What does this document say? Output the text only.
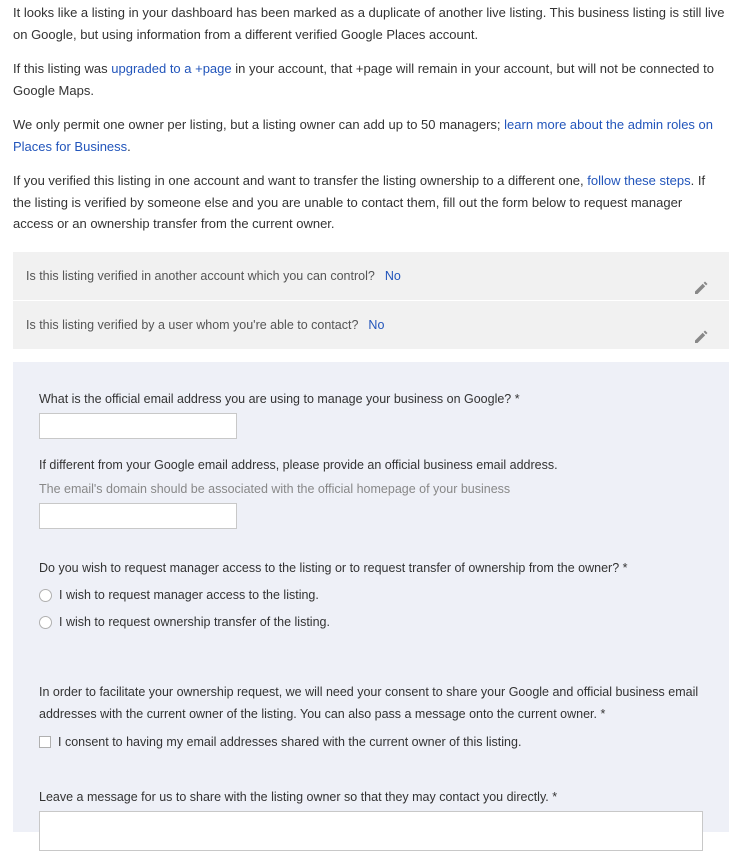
It looks like a listing in your dashboard has been marked as a duplicate of another live listing. This business listing is still live on Google, but using information from a different verified Google Places account.

If this listing was upgraded to a +page in your account, that +page will remain in your account, but will not be connected to Google Maps.

We only permit one owner per listing, but a listing owner can add up to 50 managers; learn more about the admin roles on Places for Business.

If you verified this listing in one account and want to transfer the listing ownership to a different one, follow these steps. If the listing is verified by someone else and you are unable to contact them, fill out the form below to request manager access or an ownership transfer from the current owner.

Is this listing verified in another account which you can control? No
Is this listing verified by a user whom you're able to contact? No
What is the official email address you are using to manage your business on Google? *
If different from your Google email address, please provide an official business email address.
The email's domain should be associated with the official homepage of your business
Do you wish to request manager access to the listing or to request transfer of ownership from the owner? *
I wish to request manager access to the listing.
I wish to request ownership transfer of the listing.
In order to facilitate your ownership request, we will need your consent to share your Google and official business email addresses with the current owner of the listing. You can also pass a message onto the current owner. *
I consent to having my email addresses shared with the current owner of this listing.
Leave a message for us to share with the listing owner so that they may contact you directly. *
